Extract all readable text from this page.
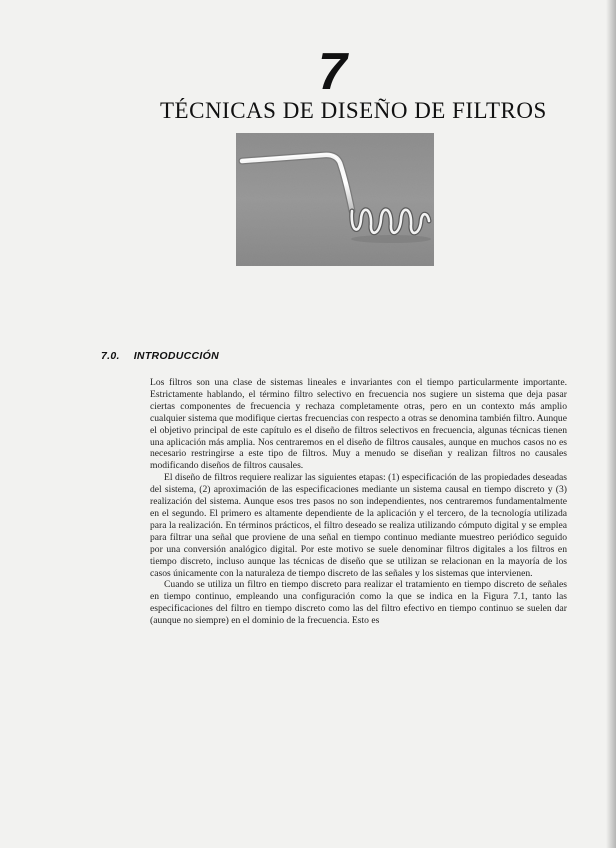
7
TÉCNICAS DE DISEÑO DE FILTROS
7.0. INTRODUCCIÓN

Los filtros son una clase de sistemas lineales e invariantes con el tiempo particularmente importante. Estrictamente hablando, el término filtro selectivo en frecuencia nos sugiere un sistema que deja pasar ciertas componentes de frecuencia y rechaza completamente otras, pero en un contexto más amplio cualquier sistema que modifique ciertas frecuencias con respecto a otras se denomina también filtro. Aunque el objetivo principal de este capítulo es el diseño de filtros selectivos en frecuencia, algunas técnicas tienen una aplicación más amplia. Nos centraremos en el diseño de filtros causales, aunque en muchos casos no es necesario restringirse a este tipo de filtros. Muy a menudo se diseñan y realizan filtros no causales modificando diseños de filtros causales.

El diseño de filtros requiere realizar las siguientes etapas: (1) especificación de las propiedades deseadas del sistema, (2) aproximación de las especificaciones mediante un sistema causal en tiempo discreto y (3) realización del sistema. Aunque esos tres pasos no son independientes, nos centraremos fundamentalmente en el segundo. El primero es altamente dependiente de la aplicación y el tercero, de la tecnología utilizada para la realización. En términos prácticos, el filtro deseado se realiza utilizando cómputo digital y se emplea para filtrar una señal que proviene de una señal en tiempo continuo mediante muestreo periódico seguido por una conversión analógico digital. Por este motivo se suele denominar filtros digitales a los filtros en tiempo discreto, incluso aunque las técnicas de diseño que se utilizan se relacionan en la mayoría de los casos únicamente con la naturaleza de tiempo discreto de las señales y los sistemas que intervienen.

Cuando se utiliza un filtro en tiempo discreto para realizar el tratamiento en tiempo discreto de señales en tiempo continuo, empleando una configuración como la que se indica en la Figura 7.1, tanto las especificaciones del filtro en tiempo discreto como las del filtro efectivo en tiempo continuo se suelen dar (aunque no siempre) en el dominio de la frecuencia. Esto es
